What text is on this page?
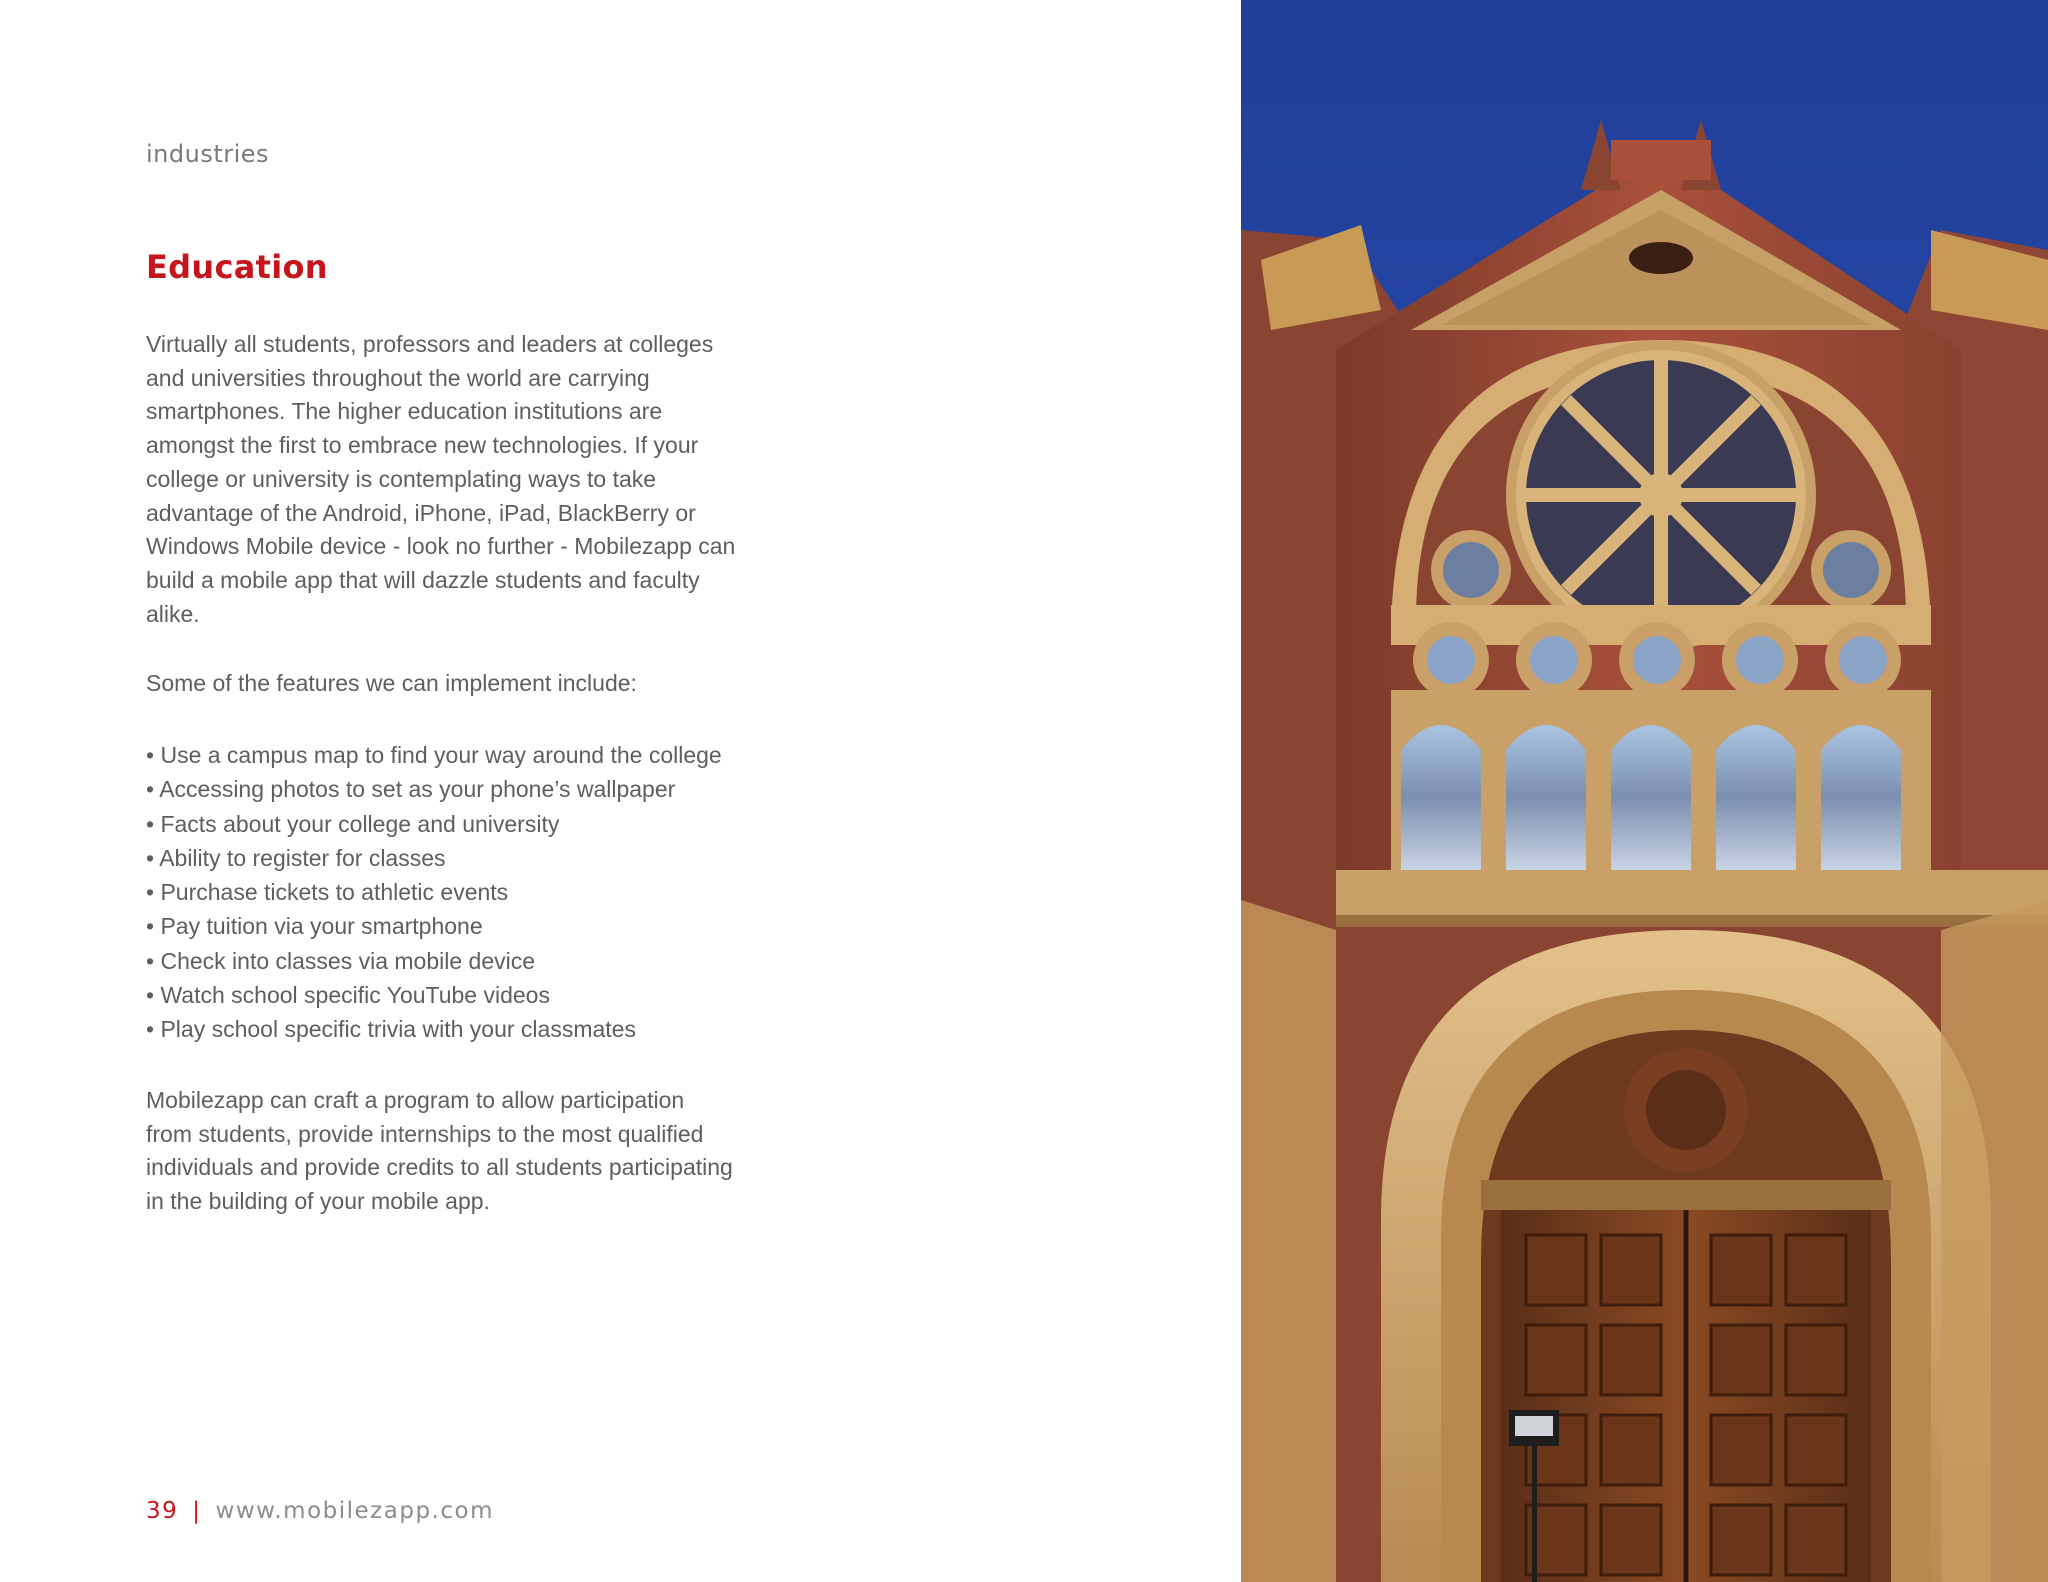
industries
Education

Virtually all students, professors and leaders at colleges and universities throughout the world are carrying smartphones. The higher education institutions are amongst the first to embrace new technologies. If your college or university is contemplating ways to take advantage of the Android, iPhone, iPad, BlackBerry or Windows Mobile device - look no further - Mobilezapp can build a mobile app that will dazzle students and faculty alike.

Some of the features we can implement include:

• Use a campus map to find your way around the college
• Accessing photos to set as your phone’s wallpaper
• Facts about your college and university
• Ability to register for classes
• Purchase tickets to athletic events
• Pay tuition via your smartphone
• Check into classes via mobile device
• Watch school specific YouTube videos
• Play school specific trivia with your classmates

Mobilezapp can craft a program to allow participation from students, provide internships to the most qualified individuals and provide credits to all students participating in the building of your mobile app.

39 | www.mobilezapp.com
